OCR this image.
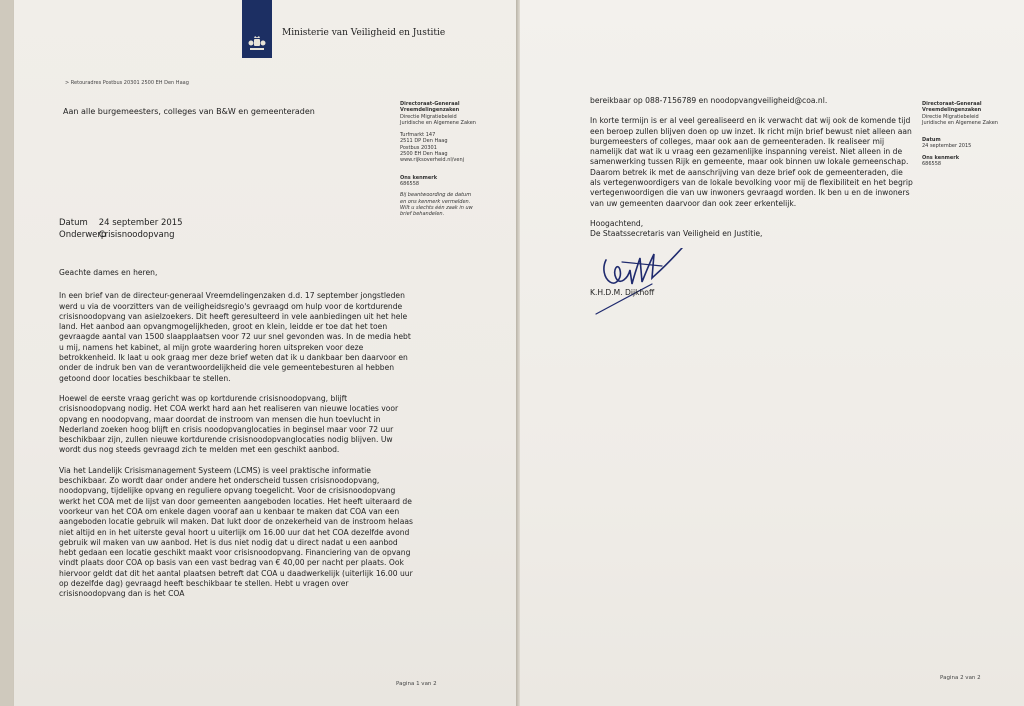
Ministerie van Veiligheid en Justitie
> Retouradres Postbus 20301 2500 EH Den Haag
Aan alle burgemeesters, colleges van B&W en gemeenteraden
Directoraat-Generaal Vreemdelingenzaken
Directie Migratiebeleid
Juridische en Algemene Zaken
Turfmarkt 147
2511 DP Den Haag
Postbus 20301
2500 EH Den Haag
www.rijksoverheid.nl/venj
Ons kenmerk
686558
Bij beantwoording de datum
en ons kenmerk vermelden.
Wilt u slechts één zaak in uw
brief behandelen.
Datum 24 september 2015
Onderwerp Crisisnoodopvang

Geachte dames en heren,

In een brief van de directeur-generaal Vreemdelingenzaken d.d. 17 september jongstleden werd u via de voorzitters van de veiligheidsregio's gevraagd om hulp voor de kortdurende crisisnoodopvang van asielzoekers. Dit heeft geresulteerd in vele aanbiedingen uit het hele land. Het aanbod aan opvangmogelijkheden, groot en klein, leidde er toe dat het toen gevraagde aantal van 1500 slaapplaatsen voor 72 uur snel gevonden was. In de media hebt u mij, namens het kabinet, al mijn grote waardering horen uitspreken voor deze betrokkenheid. Ik laat u ook graag mer deze brief weten dat ik u dankbaar ben daarvoor en onder de indruk ben van de verantwoordelijkheid die vele gemeentebesturen al hebben getoond door locaties beschikbaar te stellen.

Hoewel de eerste vraag gericht was op kortdurende crisisnoodopvang, blijft crisisnoodopvang nodig. Het COA werkt hard aan het realiseren van nieuwe locaties voor opvang en noodopvang, maar doordat de instroom van mensen die hun toevlucht in Nederland zoeken hoog blijft en crisis noodopvanglocaties in beginsel maar voor 72 uur beschikbaar zijn, zullen nieuwe kortdurende crisisnoodopvanglocaties nodig blijven. Uw wordt dus nog steeds gevraagd zich te melden met een geschikt aanbod.

Via het Landelijk Crisismanagement Systeem (LCMS) is veel praktische informatie beschikbaar. Zo wordt daar onder andere het onderscheid tussen crisisnoodopvang, noodopvang, tijdelijke opvang en reguliere opvang toegelicht. Voor de crisisnoodopvang werkt het COA met de lijst van door gemeenten aangeboden locaties. Het heeft uiteraard de voorkeur van het COA om enkele dagen vooraf aan u kenbaar te maken dat COA van een aangeboden locatie gebruik wil maken. Dat lukt door de onzekerheid van de instroom helaas niet altijd en in het uiterste geval hoort u uiterlijk om 16.00 uur dat het COA dezelfde avond gebruik wil maken van uw aanbod. Het is dus niet nodig dat u direct nadat u een aanbod hebt gedaan een locatie geschikt maakt voor crisisnoodopvang. Financiering van de opvang vindt plaats door COA op basis van een vast bedrag van € 40,00 per nacht per plaats. Ook hiervoor geldt dat dit het aantal plaatsen betreft dat COA u daadwerkelijk (uiterlijk 16.00 uur op dezelfde dag) gevraagd heeft beschikbaar te stellen. Hebt u vragen over crisisnoodopvang dan is het COA

Pagina 1 van 2

bereikbaar op 088-7156789 en noodopvangveiligheid@coa.nl.

In korte termijn is er al veel gerealiseerd en ik verwacht dat wij ook de komende tijd een beroep zullen blijven doen op uw inzet. Ik richt mijn brief bewust niet alleen aan burgemeesters of colleges, maar ook aan de gemeenteraden. Ik realiseer mij namelijk dat wat ik u vraag een gezamenlijke inspanning vereist. Niet alleen in de samenwerking tussen Rijk en gemeente, maar ook binnen uw lokale gemeenschap. Daarom betrek ik met de aanschrijving van deze brief ook de gemeenteraden, die als vertegenwoordigers van de lokale bevolking voor mij de flexibiliteit en het begrip vertegenwoordigen die van uw inwoners gevraagd worden. Ik ben u en de inwoners van uw gemeenten daarvoor dan ook zeer erkentelijk.

Hoogachtend,

De Staatssecretaris van Veiligheid en Justitie,

K.H.D.M. Dijkhoff
Directoraat-Generaal Vreemdelingenzaken
Directie Migratiebeleid
Juridische en Algemene Zaken
Datum
24 september 2015
Ons kenmerk
686558
Pagina 2 van 2
